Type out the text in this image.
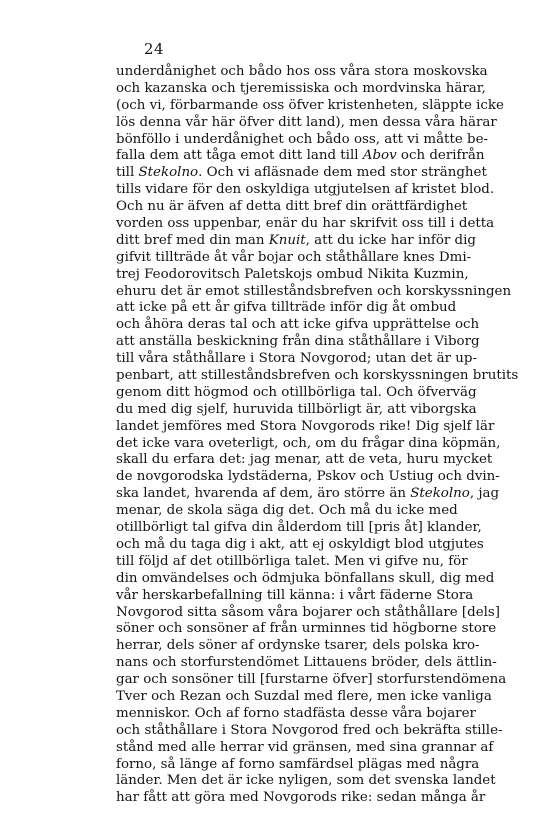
24
underdånighet och bådo hos oss våra stora moskovska
och kazanska och tjeremissiska och mordvinska härar,
(och vi, förbarmande oss öfver kristenheten, släppte icke
lös denna vår här öfver ditt land), men dessa våra härar
bönföllo i underdånighet och bådo oss, att vi måtte be-
falla dem att tåga emot ditt land till Abov och derifrån
till Stekolno. Och vi afläsnade dem med stor stränghet
tills vidare för den oskyldiga utgjutelsen af kristet blod.
Och nu är äfven af detta ditt bref din orättfärdighet
vorden oss uppenbar, enär du har skrifvit oss till i detta
ditt bref med din man Knuit, att du icke har inför dig
gifvit tillträde åt vår bojar och ståthållare knes Dmi-
trej Feodorovitsch Paletskojs ombud Nikita Kuzmin,
ehuru det är emot stilleståndsbrefven och korskyssningen
att icke på ett år gifva tillträde inför dig åt ombud
och åhöra deras tal och att icke gifva upprättelse och
att anställa beskickning från dina ståthållare i Viborg
till våra ståthållare i Stora Novgorod; utan det är up-
penbart, att stilleståndsbrefven och korskyssningen brutits
genom ditt högmod och otillbörliga tal. Och öfverväg
du med dig sjelf, huruvida tillbörligt är, att viborgska
landet jemföres med Stora Novgorods rike! Dig sjelf lär
det icke vara oveterligt, och, om du frågar dina köpmän,
skall du erfara det: jag menar, att de veta, huru mycket
de novgorodska lydstäderna, Pskov och Ustiug och dvin-
ska landet, hvarenda af dem, äro större än Stekolno, jag
menar, de skola säga dig det. Och må du icke med
otillbörligt tal gifva din ålderdom till [pris åt] klander,
och må du taga dig i akt, att ej oskyldigt blod utgjutes
till följd af det otillbörliga talet. Men vi gifve nu, för
din omvändelses och ödmjuka bönfallans skull, dig med
vår herskarbefallning till känna: i vårt fäderne Stora
Novgorod sitta såsom våra bojarer och ståthållare [dels]
söner och sonsöner af från urminnes tid högborne store
herrar, dels söner af ordynske tsarer, dels polska kro-
nans och storfurstendömet Littauens bröder, dels ättlin-
gar och sonsöner till [furstarne öfver] storfurstendömena
Tver och Rezan och Suzdal med flere, men icke vanliga
menniskor. Och af forno stadfästa desse våra bojarer
och ståthållare i Stora Novgorod fred och bekräfta stille-
stånd med alle herrar vid gränsen, med sina grannar af
forno, så länge af forno samfärdsel plägas med några
länder. Men det är icke nyligen, som det svenska landet
har fått att göra med Novgorods rike: sedan många år
